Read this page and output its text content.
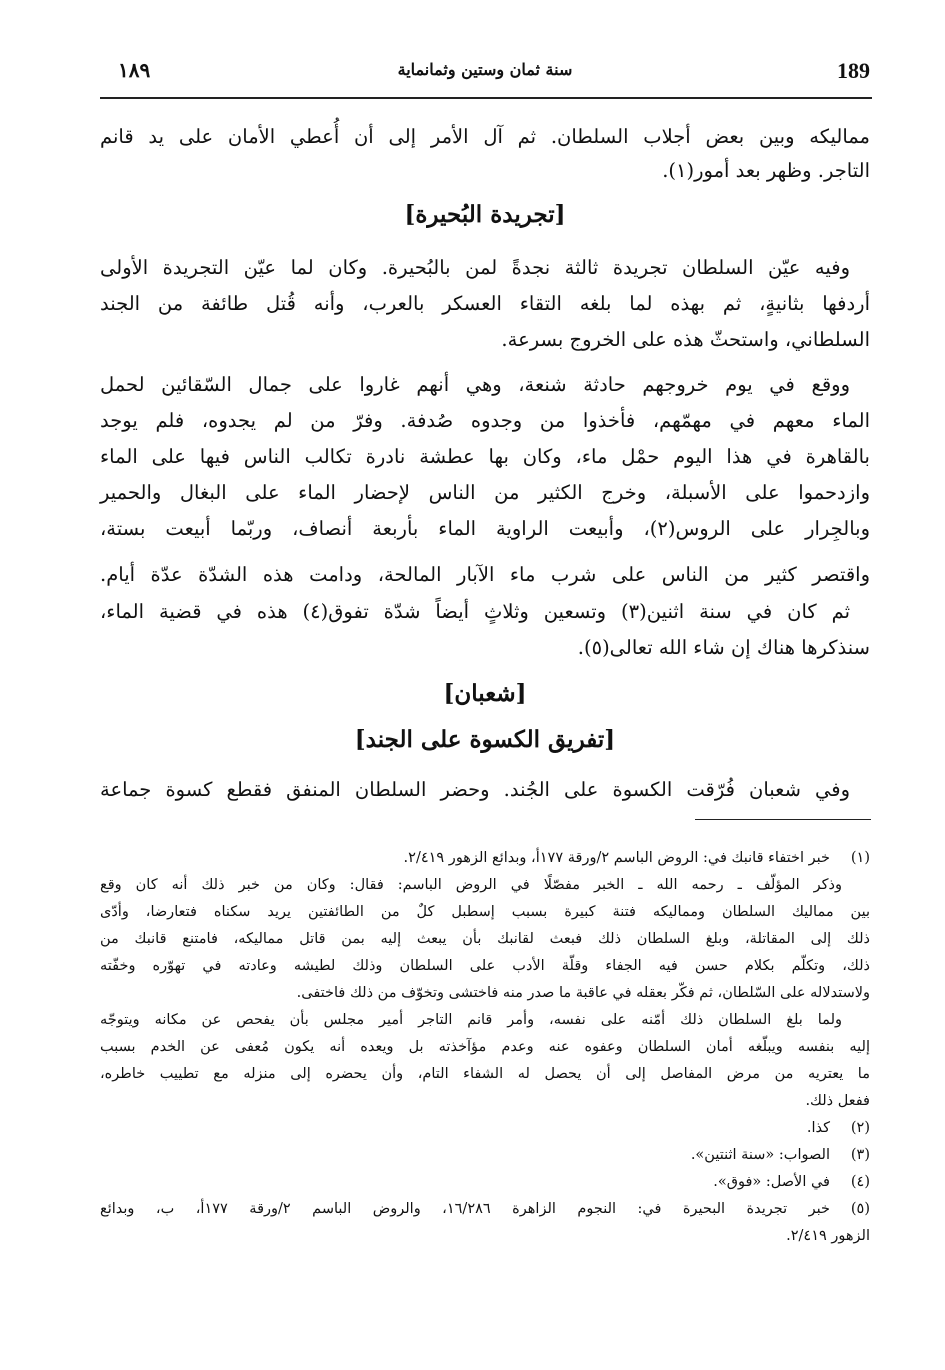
189
سنة ثمان وستين وثمانماية
١٨٩
مماليكه وبين بعض أجلاب السلطان. ثم آل الأمر إلى أن أُعطي الأمان على يد قانم
التاجر. وظهر بعد أمور(١).
[تجريدة البُحيرة]
وفيه عيّن السلطان تجريدة ثالثة نجدةً لمن بالبُحيرة. وكان لما عيّن التجريدة الأولى
أردفها بثانيةٍ، ثم بهذه لما بلغه التقاء العسكر بالعرب، وأنه قُتل طائفة من الجند
السلطاني، واستحثّ هذه على الخروج بسرعة.
ووقع في يوم خروجهم حادثة شنعة، وهي أنهم غاروا على جمال السّقائين لحمل
الماء معهم في مهمّهم، فأخذوا من وجدوه صُدفة. وفرّ من لم يجدوه، فلم يوجد
بالقاهرة في هذا اليوم حمْل ماء، وكان بها عطشة نادرة تكالب الناس فيها على الماء
وازدحموا على الأسبلة، وخرج الكثير من الناس لإحضار الماء على البغال والحمير
وبالجِرار على الروس(٢)، وأبيعت الراوية الماء بأربعة أنصاف، وربّما أبيعت بستة،
واقتصر كثير من الناس على شرب ماء الآبار المالحة، ودامت هذه الشدّة عدّة أيام.
ثم كان في سنة اثنين(٣) وتسعين وثلاثٍ أيضاً شدّة تفوق(٤) هذه في قضية الماء،
سنذكرها هناك إن شاء الله تعالى(٥).
[شعبان]
[تفريق الكسوة على الجند]
وفي شعبان فُرّقت الكسوة على الجُند. وحضر السلطان المنفق فقطع كسوة جماعة
(١)
خبر اختفاء قانبك في: الروض الباسم ٢/ورقة ١٧٧أ، وبدائع الزهور ٢/٤١٩.
وذكر المؤلّف ـ رحمه الله ـ الخبر مفصّلًا في الروض الباسم: فقال: وكان من خبر ذلك أنه كان وقع
بين مماليك السلطان ومماليكه فتنة كبيرة بسبب إسطبل كلٌ من الطائفتين يريد سكناه فتعارضا، وأدّى
ذلك إلى المقاتلة، وبلغ السلطان ذلك فبعث لقانبك بأن يبعث إليه بمن قاتل مماليكه، فامتنع قانبك من
ذلك، وتكلّم بكلام حسن فيه الجفاء وقلّة الأدب على السلطان وذلك لطيشه وعادته في تهوّره وخفّته
ولاستدلاله على السّلطان، ثم فكّر بعقله في عاقبة ما صدر منه فاختشى وتخوّف من ذلك فاختفى.
ولما بلغ السلطان ذلك أمّنه على نفسه، وأمر قانم التاجر أمير مجلس بأن يفحص عن مكانه ويتوجّه
إليه بنفسه ويبلّغه أمان السلطان وعفوه عنه وعدم مؤآخذته بل ويعده أنه يكون مُعفى عن الخدم بسبب
ما يعتريه من مرض المفاصل إلى أن يحصل له الشفاء التام، وأن يحضره إلى منزله مع تطييب خاطره،
ففعل ذلك.
(٢)
كذا.
(٣)
الصواب: «سنة اثنتين».
(٤)
في الأصل: «فوق».
(٥)
خبر تجريدة البحيرة في: النجوم الزاهرة ١٦/٢٨٦، والروض الباسم ٢/ورقة ١٧٧أ، ب، وبدائع
الزهور ٢/٤١٩.
